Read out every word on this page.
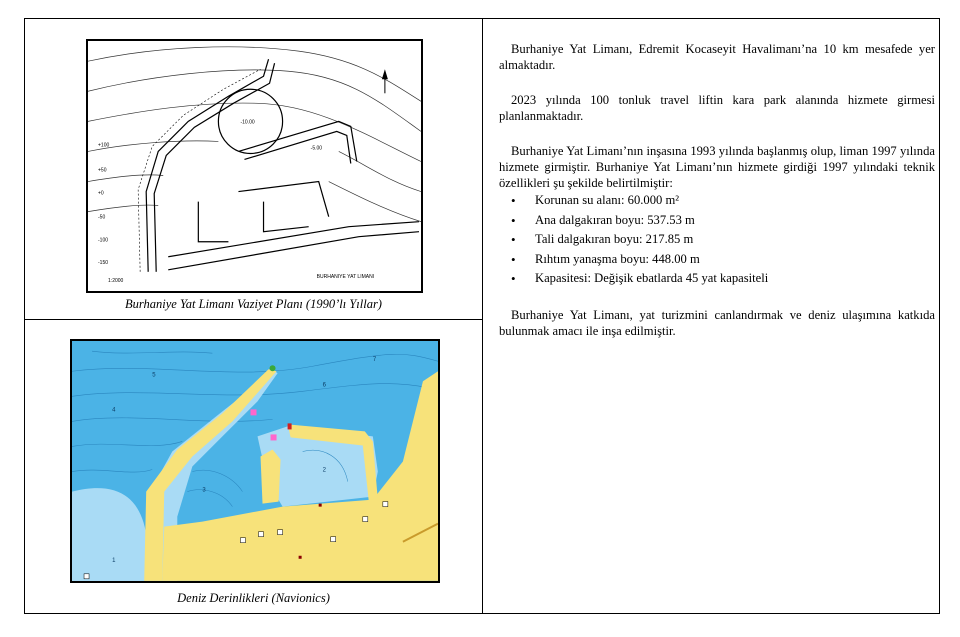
-10.00
-5.00
+100
+50
+0
-50
-100
-150
1:2000
BURHANIYE YAT LIMANI
Burhaniye Yat Limanı Vaziyet Planı (1990’lı Yıllar)
7
6
5
4
3
2
1
Deniz Derinlikleri (Navionics)

Burhaniye Yat Limanı, Edremit Kocaseyit Havalimanı’na 10 km mesafede yer almaktadır.

2023 yılında 100 tonluk travel liftin kara park alanında hizmete girmesi planlanmaktadır.

Burhaniye Yat Limanı’nın inşasına 1993 yılında başlanmış olup, liman 1997 yılında hizmete girmiştir. Burhaniye Yat Limanı’nın hizmete girdiği 1997 yılındaki teknik özellikleri şu şekilde belirtilmiştir:

• Korunan su alanı: 60.000 m²
• Ana dalgakıran boyu: 537.53 m
• Tali dalgakıran boyu: 217.85 m
• Rıhtım yanaşma boyu: 448.00 m
• Kapasitesi: Değişik ebatlarda 45 yat kapasiteli

Burhaniye Yat Limanı, yat turizmini canlandırmak ve deniz ulaşımına katkıda bulunmak amacı ile inşa edilmiştir.
